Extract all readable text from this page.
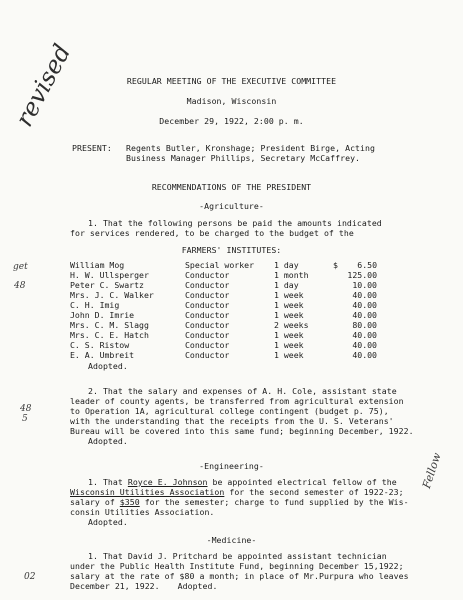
revised
get
48
48
5
Fellow
02
REGULAR MEETING OF THE EXECUTIVE COMMITTEE
Madison, Wisconsin
December 29, 1922, 2:00 p. m.
PRESENT: Regents Butler, Kronshage; President Birge, Acting
Business Manager Phillips, Secretary McCaffrey.
RECOMMENDATIONS OF THE PRESIDENT
-Agriculture-
1. That the following persons be paid the amounts indicated
for services rendered, to be charged to the budget of the
FARMERS' INSTITUTES:
William Mog	Special worker	1 day	$	6.50
H. W. Ullsperger	Conductor	1 month		125.00
Peter C. Swartz	Conductor	1 day		10.00
Mrs. J. C. Walker	Conductor	1 week		40.00
C. H. Imig	Conductor	1 week		40.00
John D. Imrie	Conductor	1 week		40.00
Mrs. C. M. Slagg	Conductor	2 weeks		80.00
Mrs. C. E. Hatch	Conductor	1 week		40.00
C. S. Ristow	Conductor	1 week		40.00
E. A. Umbreit	Conductor	1 week		40.00
Adopted.
2. That the salary and expenses of A. H. Cole, assistant state
leader of county agents, be transferred from agricultural extension
to Operation 1A, agricultural college contingent (budget p. 75),
with the understanding that the receipts from the U. S. Veterans'
Bureau will be covered into this same fund; beginning December, 1922.
Adopted.
-Engineering-
1. That Royce E. Johnson be appointed electrical fellow of the
Wisconsin Utilities Association for the second semester of 1922-23;
salary of $350 for the semester; charge to fund supplied by the Wis-
consin Utilities Association.
Adopted.
-Medicine-
1. That David J. Pritchard be appointed assistant technician
under the Public Health Institute Fund, beginning December 15,1922;
salary at the rate of $80 a month; in place of Mr.Purpura who leaves
December 21, 1922. Adopted.
